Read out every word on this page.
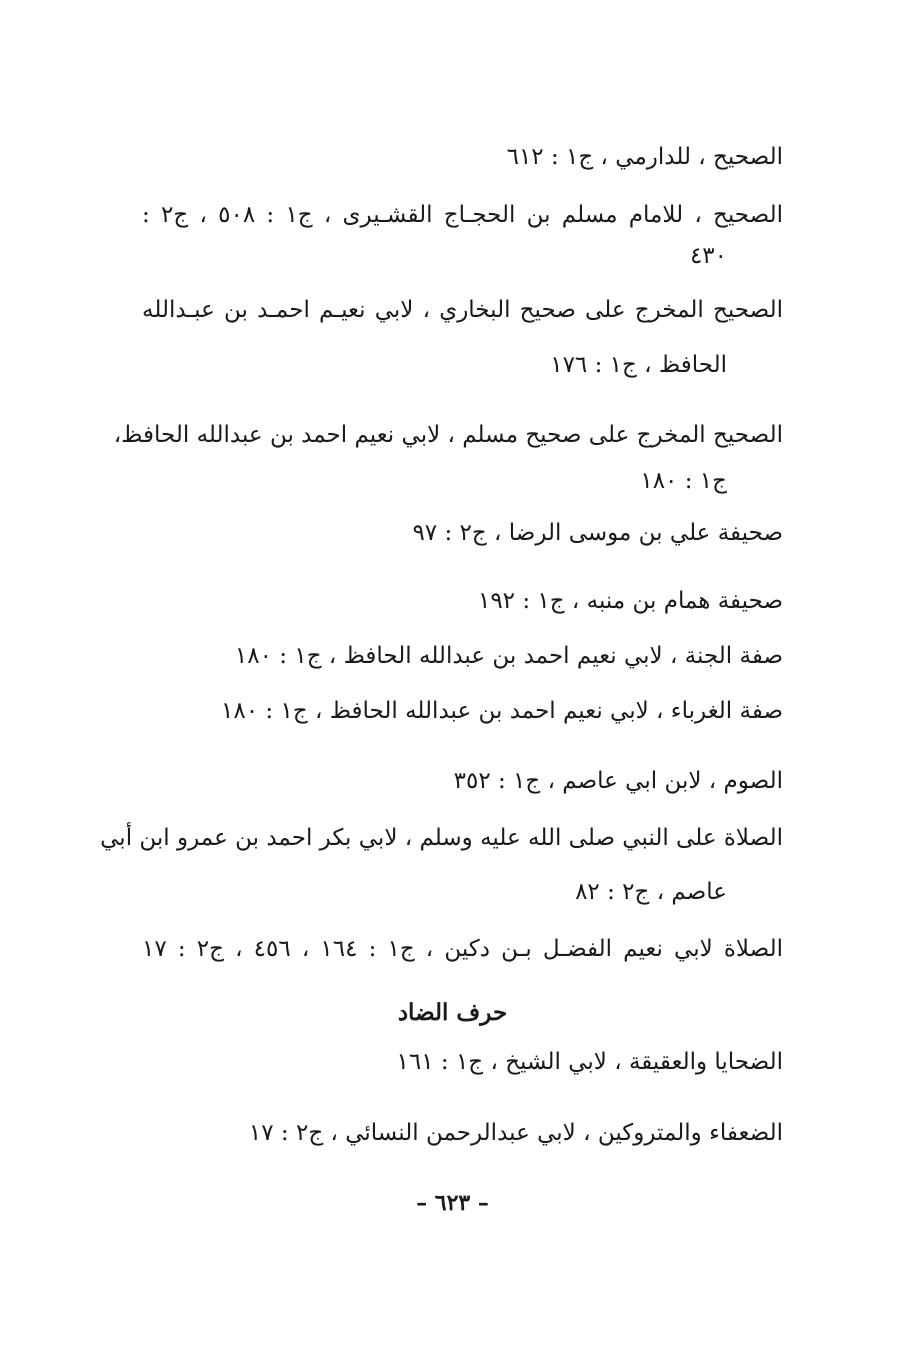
الصحيح ، للدارمي ، ج١ : ٦١٢
الصحيح ، للامام مسلم بن الحجـاج القشـيرى ، ج١ : ٥٠٨ ، ج٢ :
٤٣٠
الصحيح المخرج على صحيح البخاري ، لابي نعيـم احمـد بن عبـدالله
الحافظ ، ج١ : ١٧٦
الصحيح المخرج على صحيح مسلم ، لابي نعيم احمد بن عبدالله الحافظ،
ج١ : ١٨٠
صحيفة علي بن موسى الرضا ، ج٢ : ٩٧
صحيفة همام بن منبه ، ج١ : ١٩٢
صفة الجنة ، لابي نعيم احمد بن عبدالله الحافظ ، ج١ : ١٨٠
صفة الغرباء ، لابي نعيم احمد بن عبدالله الحافظ ، ج١ : ١٨٠
الصوم ، لابن ابي عاصم ، ج١ : ٣٥٢
الصلاة على النبي صلى الله عليه وسلم ، لابي بكر احمد بن عمرو ابن أبي
عاصم ، ج٢ : ٨٢
الصلاة لابي نعيم الفضـل بـن دكين ، ج١ : ١٦٤ ، ٤٥٦ ، ج٢ : ١٧
حرف الضاد
الضحايا والعقيقة ، لابي الشيخ ، ج١ : ١٦١
الضعفاء والمتروكين ، لابي عبدالرحمن النسائي ، ج٢ : ١٧
– ٦٢٣ –
